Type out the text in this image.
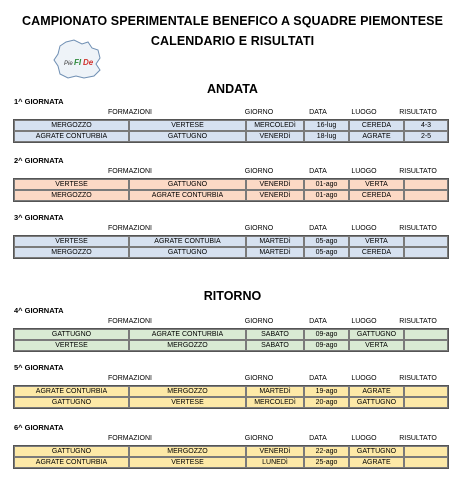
CAMPIONATO SPERIMENTALE BENEFICO A SQUADRE PIEMONTESE
CALENDARIO E RISULTATI
Pie FI De
ANDATA
1^ GIORNATA
FORMAZIONI	GIORNO	DATA	LUOGO	RISULTATO
MERGOZZO	VERTESE	MERCOLEDì	16-lug	CEREDA	4-3
AGRATE CONTURBIA	GATTUGNO	VENERDì	18-lug	AGRATE	2-5
2^ GIORNATA
FORMAZIONI	GIORNO	DATA	LUOGO	RISULTATO
VERTESE	GATTUGNO	VENERDì	01-ago	VERTA
MERGOZZO	AGRATE CONTURBIA	VENERDì	01-ago	CEREDA
3^ GIORNATA
FORMAZIONI	GIORNO	DATA	LUOGO	RISULTATO
VERTESE	AGRATE CONTUBIA	MARTEDì	05-ago	VERTA
MERGOZZO	GATTUGNO	MARTEDì	05-ago	CEREDA
RITORNO
4^ GIORNATA
FORMAZIONI	GIORNO	DATA	LUOGO	RISULTATO
GATTUGNO	AGRATE CONTURBIA	SABATO	09-ago	GATTUGNO
VERTESE	MERGOZZO	SABATO	09-ago	VERTA
5^ GIORNATA
FORMAZIONI	GIORNO	DATA	LUOGO	RISULTATO
AGRATE CONTURBIA	MERGOZZO	MARTEDì	19-ago	AGRATE
GATTUGNO	VERTESE	MERCOLEDì	20-ago	GATTUGNO
6^ GIORNATA
FORMAZIONI	GIORNO	DATA	LUOGO	RISULTATO
GATTUGNO	MERGOZZO	VENERDì	22-ago	GATTUGNO
AGRATE CONTURBIA	VERTESE	LUNEDì	25-ago	AGRATE
